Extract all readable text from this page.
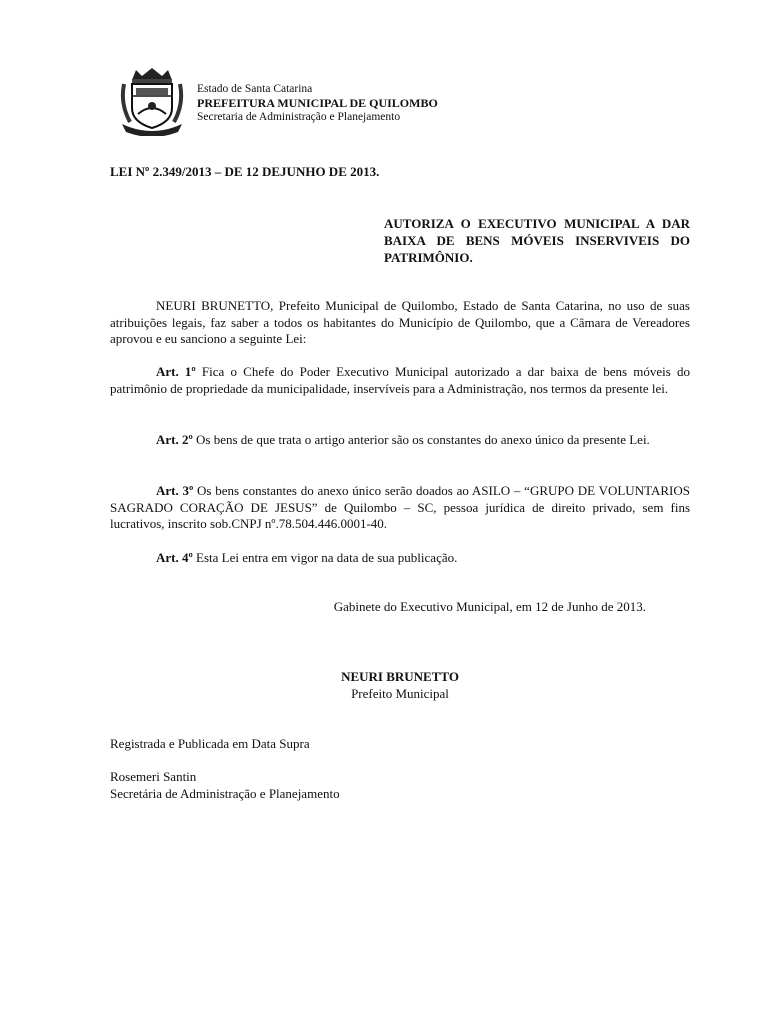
Estado de Santa Catarina
PREFEITURA MUNICIPAL DE QUILOMBO
Secretaria de Administração e Planejamento
LEI Nº 2.349/2013 – DE 12 DEJUNHO DE 2013.
AUTORIZA O EXECUTIVO MUNICIPAL A DAR BAIXA DE BENS MÓVEIS INSERVIVEIS DO PATRIMÔNIO.

NEURI BRUNETTO, Prefeito Municipal de Quilombo, Estado de Santa Catarina, no uso de suas atribuições legais, faz saber a todos os habitantes do Município de Quilombo, que a Câmara de Vereadores aprovou e eu sanciono a seguinte Lei:

Art. 1º Fica o Chefe do Poder Executivo Municipal autorizado a dar baixa de bens móveis do patrimônio de propriedade da municipalidade, inservíveis para a Administração, nos termos da presente lei.

Art. 2º Os bens de que trata o artigo anterior são os constantes do anexo único da presente Lei.

Art. 3º Os bens constantes do anexo único serão doados ao ASILO – “GRUPO DE VOLUNTARIOS SAGRADO CORAÇÃO DE JESUS” de Quilombo – SC, pessoa jurídica de direito privado, sem fins lucrativos, inscrito sob.CNPJ nº.78.504.446.0001-40.

Art. 4º Esta Lei entra em vigor na data de sua publicação.

Gabinete do Executivo Municipal, em 12 de Junho de 2013.
NEURI BRUNETTO
Prefeito Municipal
Registrada e Publicada em Data Supra
Rosemeri Santin
Secretária de Administração e Planejamento
